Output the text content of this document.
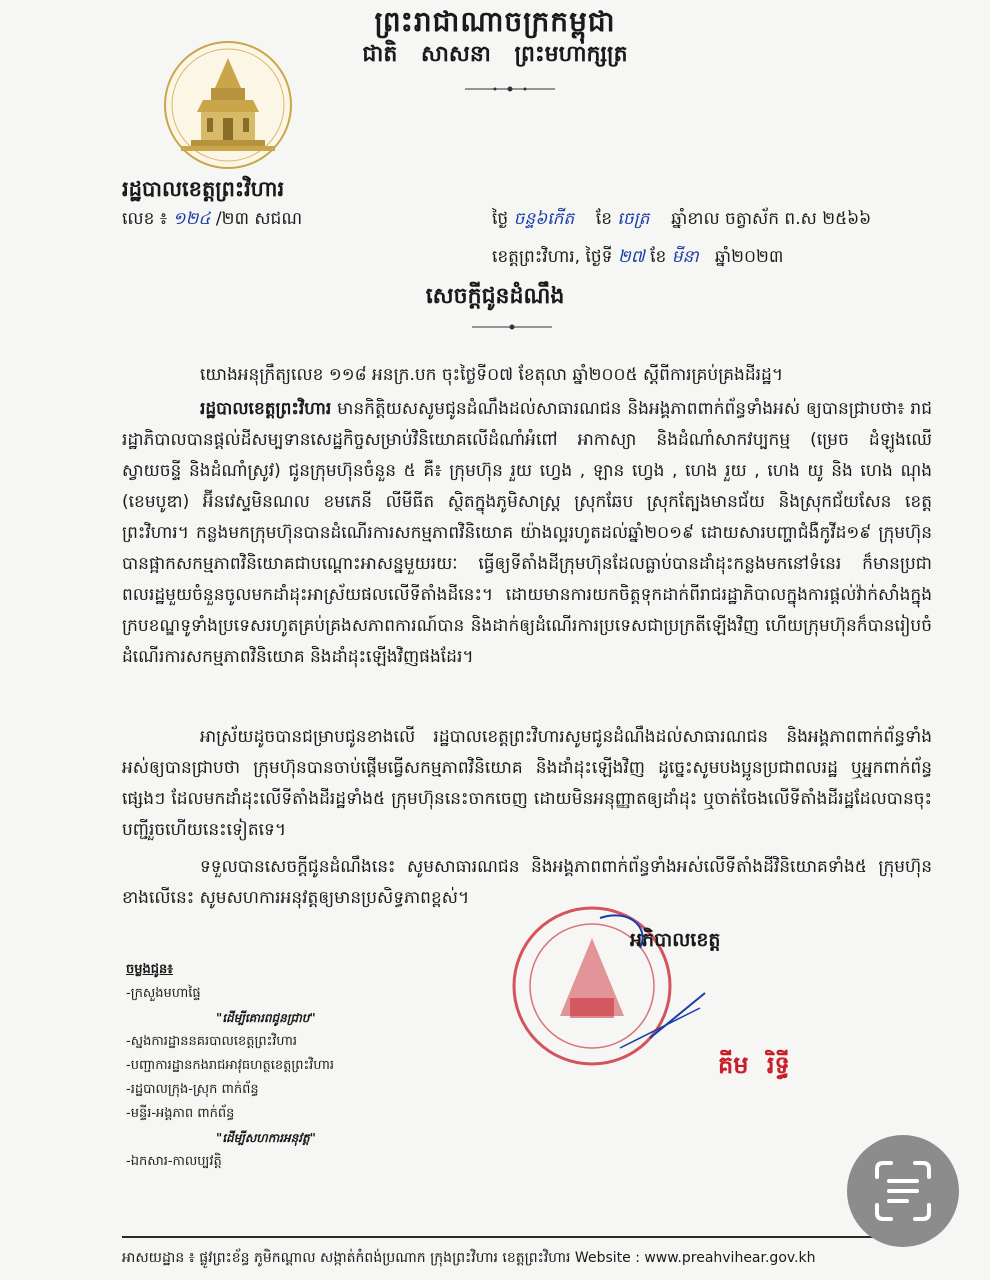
ព្រះរាជាណាចក្រកម្ពុជា
ជាតិ សាសនា ព្រះមហាក្សត្រ
រដ្ឋបាលខេត្តព្រះវិហារ
លេខ ៖ ១២៤ /២៣ សជណ	ថ្ងៃ ចន្ទ៦កើត ខែ ចេត្រ ឆ្នាំខាល ចត្វាស័ក ព.ស ២៥៦៦
ខេត្តព្រះវិហារ, ថ្ងៃទី ២៧ ខែ មីនា ឆ្នាំ២០២៣
សេចក្តីជូនដំណឹង
យោងអនុក្រឹត្យលេខ ១១៨ អនក្រ.បក ចុះថ្ងៃទី០៧ ខែតុលា ឆ្នាំ២០០៥ ស្តីពីការគ្រប់គ្រងដីរដ្ឋ។
រដ្ឋបាលខេត្តព្រះវិហារ មានកិត្តិយសសូមជូនដំណឹងដល់សាធារណជន និងអង្គភាពពាក់ព័ន្ធទាំងអស់ ឲ្យបានជ្រាបថា៖ រាជរដ្ឋាភិបាលបានផ្តល់ដីសម្បទានសេដ្ឋកិច្ចសម្រាប់វិនិយោគលើដំណាំអំពៅ អាកាស្យា និងដំណាំសាកវប្បកម្ម (ម្រេច ដំឡូងឈើ ស្វាយចន្ទី និងដំណាំស្រូវ) ជូនក្រុមហ៊ុនចំនួន ៥ គឺ៖ ក្រុមហ៊ុន រួយ ហ្វេង , ឡាន ហ្វេង , ហេង រួយ , ហេង យូ និង ហេង ណុង (ខេមបូឌា) អ៊ីនវេស្ទមិនណល ខមភេនី លីមីធីត ស្ថិតក្នុងភូមិសាស្ត្រ ស្រុកឆែប ស្រុកត្បែងមានជ័យ និងស្រុកជ័យសែន ខេត្តព្រះវិហារ។ កន្លងមកក្រុមហ៊ុនបានដំណើរការសកម្មភាពវិនិយោគ យ៉ាងល្អរហូតដល់ឆ្នាំ២០១៩ ដោយសារបញ្ហាជំងឺកូវីដ១៩ ក្រុមហ៊ុនបានផ្អាកសកម្មភាពវិនិយោគជាបណ្តោះអាសន្នមួយរយៈ ធ្វើឲ្យទីតាំងដីក្រុមហ៊ុនដែលធ្លាប់បានដាំដុះកន្លងមកនៅទំនេរ ក៏មានប្រជាពលរដ្ឋមួយចំនួនចូលមកដាំដុះអាស្រ័យផលលើទីតាំងដីនេះ។ ដោយមានការយកចិត្តទុកដាក់ពីរាជរដ្ឋាភិបាលក្នុងការផ្តល់វ៉ាក់សាំងក្នុងក្របខណ្ឌទូទាំងប្រទេសរហូតគ្រប់គ្រងសភាពការណ៍បាន និងដាក់ឲ្យដំណើរការប្រទេសជាប្រក្រតីឡើងវិញ ហើយក្រុមហ៊ុនក៏បានរៀបចំដំណើរការសកម្មភាពវិនិយោគ និងដាំដុះឡើងវិញផងដែរ។
អាស្រ័យដូចបានជម្រាបជូនខាងលើ រដ្ឋបាលខេត្តព្រះវិហារសូមជូនដំណឹងដល់សាធារណជន និងអង្គភាពពាក់ព័ន្ធទាំងអស់ឲ្យបានជ្រាបថា ក្រុមហ៊ុនបានចាប់ផ្តើមធ្វើសកម្មភាពវិនិយោគ និងដាំដុះឡើងវិញ ដូច្នេះសូមបងប្អូនប្រជាពលរដ្ឋ ឬអ្នកពាក់ព័ន្ធផ្សេងៗ ដែលមកដាំដុះលើទីតាំងដីរដ្ឋទាំង៥ ក្រុមហ៊ុននេះចាកចេញ ដោយមិនអនុញ្ញាតឲ្យដាំដុះ ឬចាត់ចែងលើទីតាំងដីរដ្ឋដែលបានចុះបញ្ជីរួចហើយនេះទៀតទេ។
ទទួលបានសេចក្តីជូនដំណឹងនេះ សូមសាធារណជន និងអង្គភាពពាក់ព័ន្ធទាំងអស់លើទីតាំងដីវិនិយោគទាំង៥ ក្រុមហ៊ុនខាងលើនេះ សូមសហការអនុវត្តឲ្យមានប្រសិទ្ធភាពខ្ពស់។
អភិបាលខេត្ត
គីម រិទ្ធី
ចម្លងជូន៖
-ក្រសួងមហាផ្ទៃ
"ដើម្បីគោរពជូនជ្រាប"
-ស្នងការដ្ឋាននគរបាលខេត្តព្រះវិហារ
-បញ្ជាការដ្ឋានកងរាជអាវុធហត្ថខេត្តព្រះវិហារ
-រដ្ឋបាលក្រុង-ស្រុក ពាក់ព័ន្ធ
-មន្ទីរ-អង្គភាព ពាក់ព័ន្ធ
"ដើម្បីសហការអនុវត្ត"
-ឯកសារ-កាលប្បវត្តិ
អាសយដ្ឋាន ៖ ផ្លូវព្រះខ័ន្ធ ភូមិកណ្តាល សង្កាត់កំពង់ប្រណាក ក្រុងព្រះវិហារ ខេត្តព្រះវិហារ Website : www.preahvihear.gov.kh
